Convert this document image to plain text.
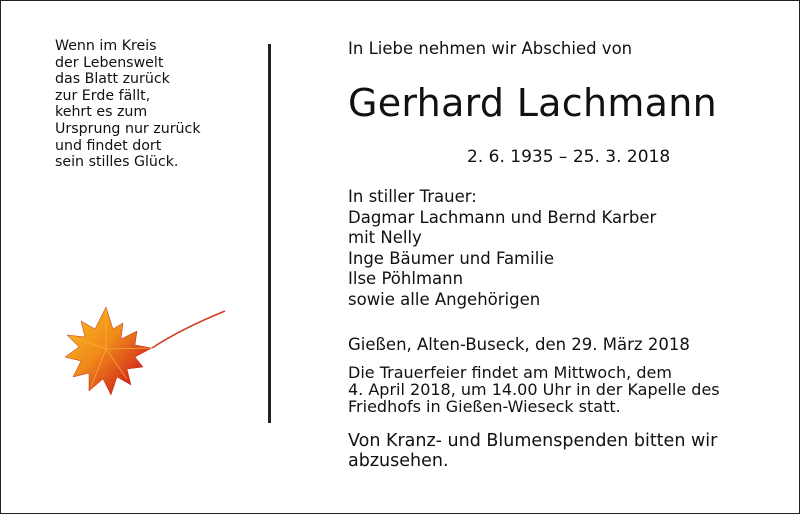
Wenn im Kreis
der Lebenswelt
das Blatt zurück
zur Erde fällt,
kehrt es zum
Ursprung nur zurück
und findet dort
sein stilles Glück.
In Liebe nehmen wir Abschied von
Gerhard Lachmann
2. 6. 1935 – 25. 3. 2018
In stiller Trauer:
Dagmar Lachmann und Bernd Karber
mit Nelly
Inge Bäumer und Familie
Ilse Pöhlmann
sowie alle Angehörigen
Gießen, Alten-Buseck, den 29. März 2018
Die Trauerfeier findet am Mittwoch, dem
4. April 2018, um 14.00 Uhr in der Kapelle des
Friedhofs in Gießen-Wieseck statt.
Von Kranz- und Blumenspenden bitten wir
abzusehen.
